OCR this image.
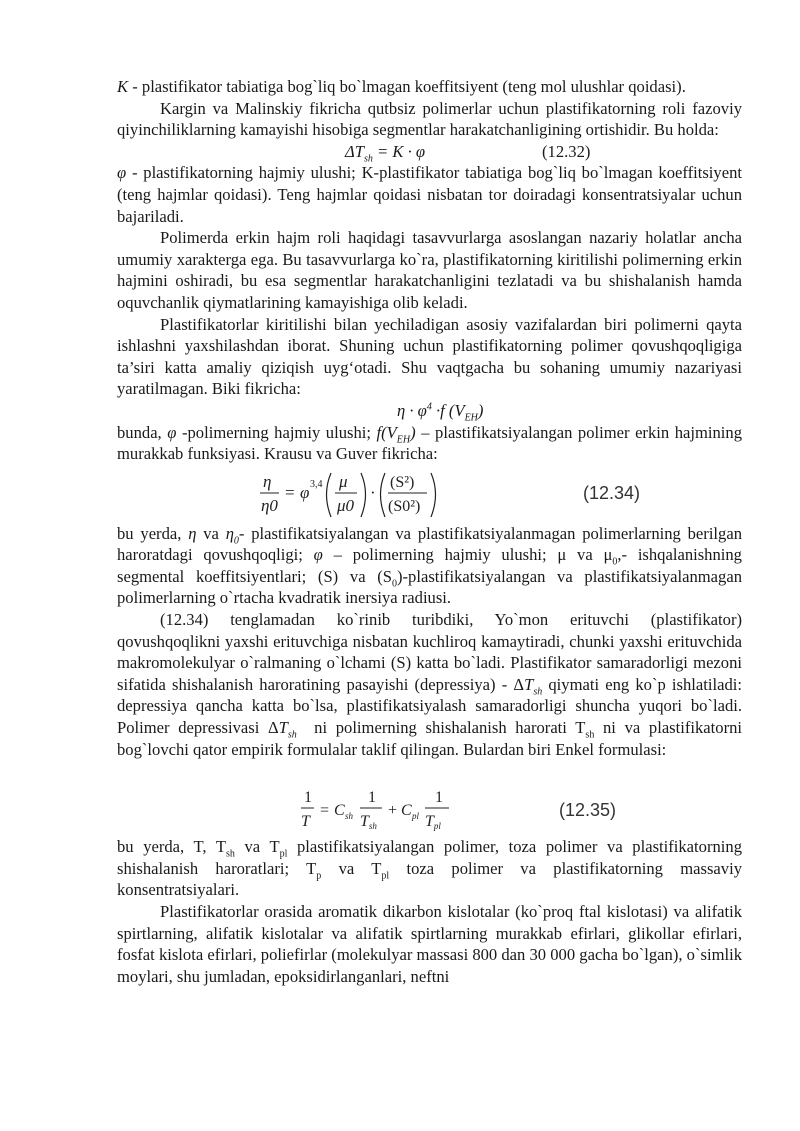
K - plastifikator tabiatiga bog`liq bo`lmagan koeffitsiyent (teng mol ulushlar qoidasi).

Kargin va Malinskiy fikricha qutbsiz polimerlar uchun plastifikatorning roli fazoviy qiyinchiliklarning kamayishi hisobiga segmentlar harakatchanligining ortishidir. Bu holda:

$\Delta T_{sh} = K \cdot \varphi$	(12.32)

φ - plastifikatorning hajmiy ulushi; K-plastifikator tabiatiga bog`liq bo`lmagan koeffitsiyent (teng hajmlar qoidasi). Teng hajmlar qoidasi nisbatan tor doiradagi konsentratsiyalar uchun bajariladi.

Polimerda erkin hajm roli haqidagi tasavvurlarga asoslangan nazariy holatlar ancha umumiy xarakterga ega. Bu tasavvurlarga ko`ra, plastifikatorning kiritilishi polimerning erkin hajmini oshiradi, bu esa segmentlar harakatchanligini tezlatadi va bu shishalanish hamda oquvchanlik qiymatlarining kamayishiga olib keladi.

Plastifikatorlar kiritilishi bilan yechiladigan asosiy vazifalardan biri polimerni qayta ishlashni yaxshilashdan iborat. Shuning uchun plastifikatorning polimer qovushqoqligiga ta’siri katta amaliy qiziqish uyg‘otadi. Shu vaqtgacha bu sohaning umumiy nazariyasi yaratilmagan. Biki fikricha:

$\eta \cdot \varphi^4 \cdot f$ $(V_{EH})$

bunda, φ -polimerning hajmiy ulushi; $f(V_{EH})$ – plastifikatsiyalangan polimer erkin hajmining murakkab funksiyasi. Krausu va Guver fikricha:

η
η0
= φ 3,4 μ
μ0
·
(S²)
(S0²)
(12.34)

bu yerda, η va $\eta_0-$ plastifikatsiyalangan va plastifikatsiyalanmagan polimerlarning berilgan haroratdagi qovushqoqligi; φ – polimerning hajmiy ulushi; μ va $\mu_0,-$ ishqalanishning segmental koeffitsiyentlari; (S) va $(S_0)$-plastifikatsiyalangan va plastifikatsiyalanmagan polimerlarning o`rtacha kvadratik inersiya radiusi.

(12.34) tenglamadan ko`rinib turibdiki, Yo`mon erituvchi (plastifikator) qovushqoqlikni yaxshi erituvchiga nisbatan kuchliroq kamaytiradi, chunki yaxshi erituvchida makromolekulyar o`ralmaning o`lchami (S) katta bo`ladi. Plastifikator samaradorligi mezoni sifatida shishalanish haroratining pasayishi (depressiya) - $\Delta T_{sh}$ qiymati eng ko`p ishlatiladi: depressiya qancha katta bo`lsa, plastifikatsiyalash samaradorligi shuncha yuqori bo`ladi. Polimer depressivasi $\Delta T_{sh}$  ni polimerning shishalanish harorati $T_{sh}$ ni va plastifikatorni bog`lovchi qator empirik formulalar taklif qilingan. Bulardan biri Enkel formulasi:

1
T
= C sh
1
Tsh
+ C pl
1
Tpl
(12.35)

bu yerda, T, $T_{sh}$ va $T_{pl}$ plastifikatsiyalangan polimer, toza polimer va plastifikatorning shishalanish haroratlari; $T_p$ va $T_{pl}$ toza polimer va plastifikatorning massaviy konsentratsiyalari.

Plastifikatorlar orasida aromatik dikarbon kislotalar (ko`proq ftal kislotasi) va alifatik spirtlarning, alifatik kislotalar va alifatik spirtlarning murakkab efirlari, glikollar efirlari, fosfat kislota efirlari, poliefirlar (molekulyar massasi 800 dan 30 000 gacha bo`lgan), o`simlik moylari, shu jumladan, epoksidirlanganlari, neftni
